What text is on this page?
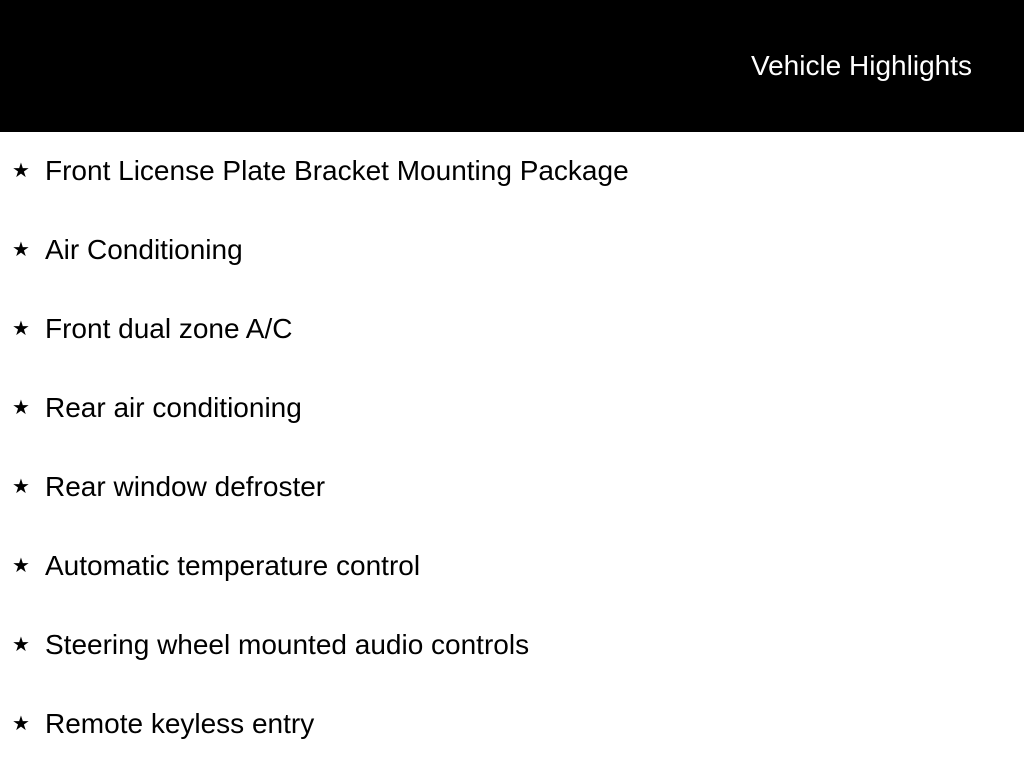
Vehicle Highlights
★ Front License Plate Bracket Mounting Package
★ Air Conditioning
★ Front dual zone A/C
★ Rear air conditioning
★ Rear window defroster
★ Automatic temperature control
★ Steering wheel mounted audio controls
★ Remote keyless entry
